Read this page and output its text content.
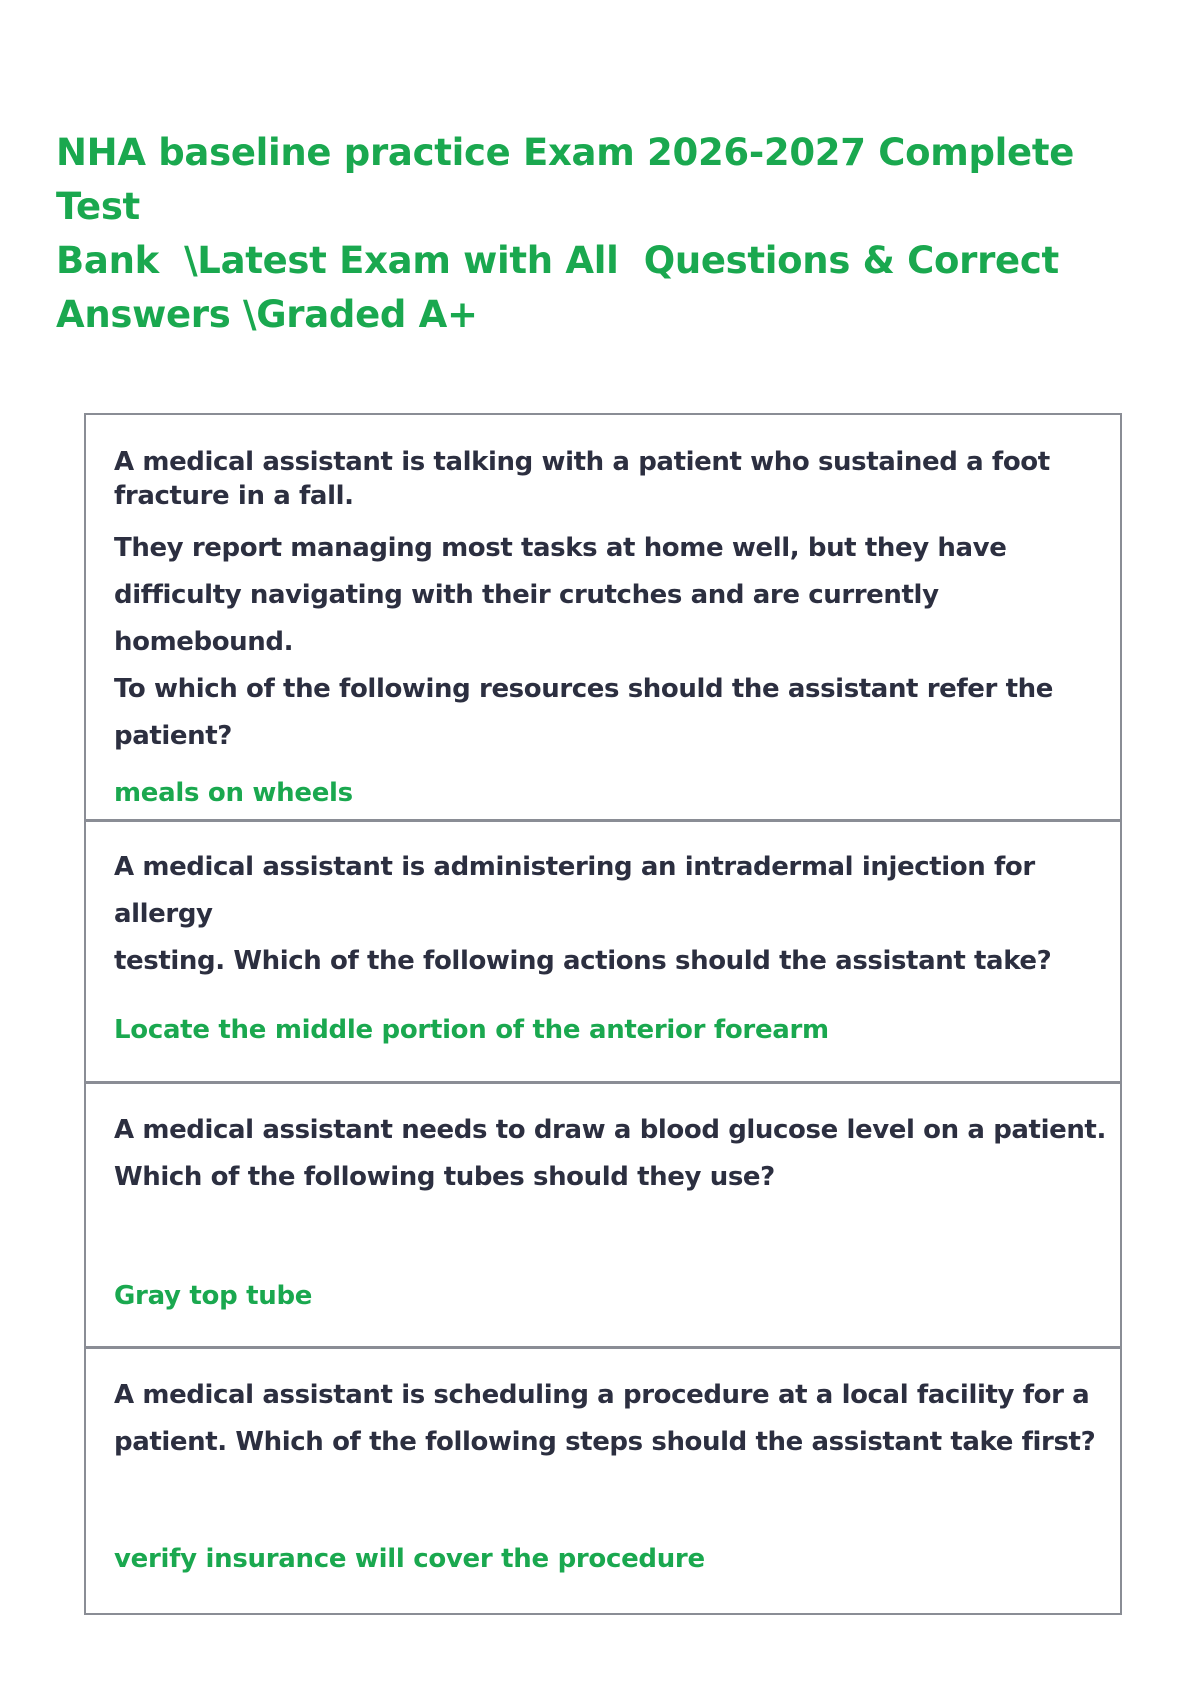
NHA baseline practice Exam 2026-2027 Complete Test
Bank  \Latest Exam with All  Questions & Correct
Answers \Graded A+

A medical assistant is talking with a patient who sustained a foot fracture in a fall.

They report managing most tasks at home well, but they have

difficulty navigating with their crutches and are currently homebound.

To which of the following resources should the assistant refer the

patient?

meals on wheels

A medical assistant is administering an intradermal injection for allergy

testing. Which of the following actions should the assistant take?

Locate the middle portion of the anterior forearm

A medical assistant needs to draw a blood glucose level on a patient.

Which of the following tubes should they use?

Gray top tube

A medical assistant is scheduling a procedure at a local facility for a

patient. Which of the following steps should the assistant take first?

verify insurance will cover the procedure
